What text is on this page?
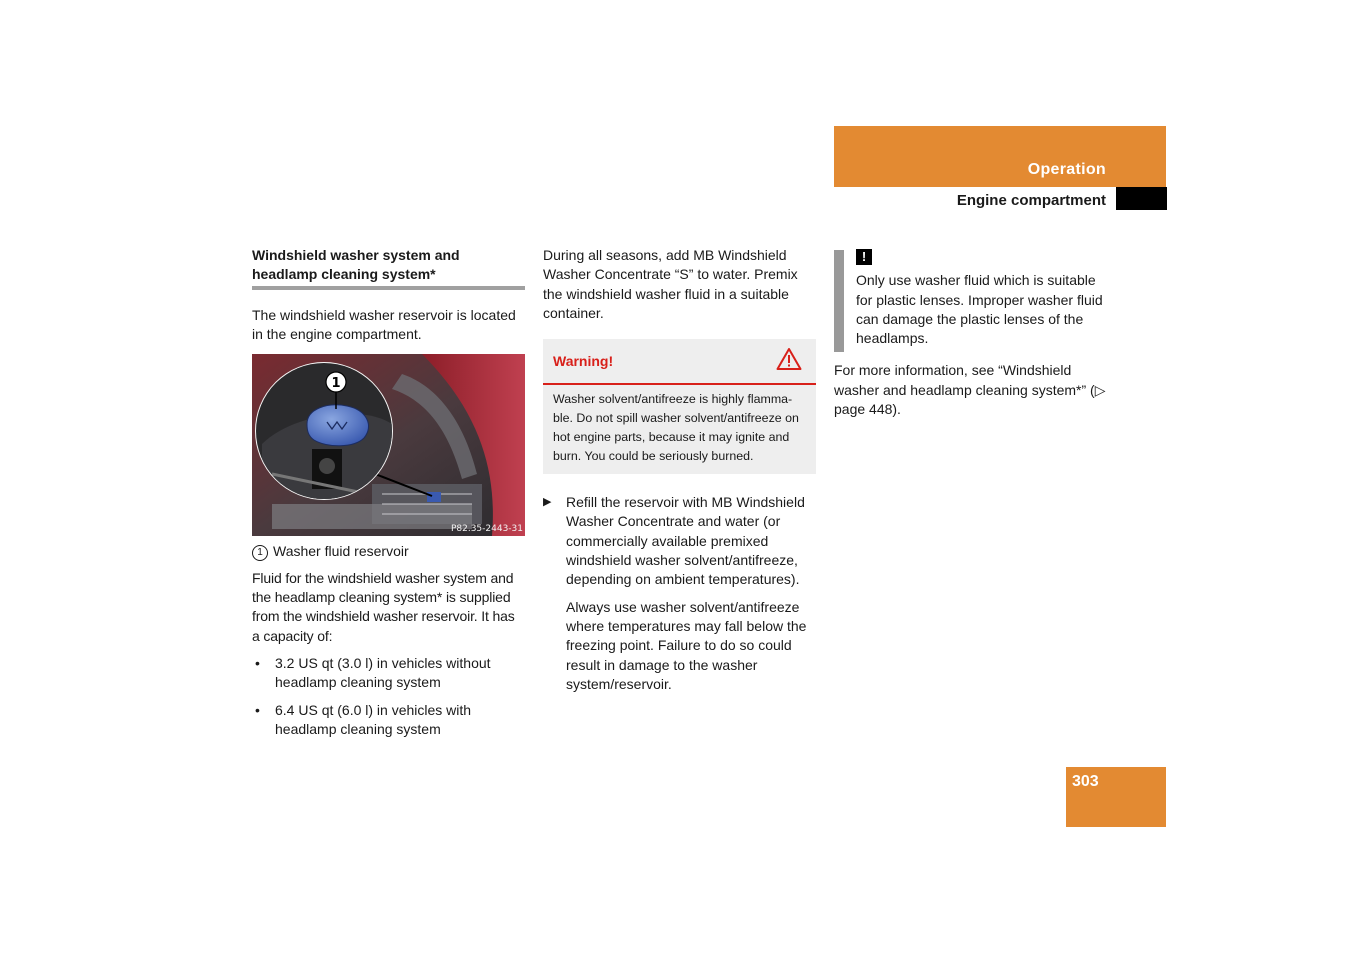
Operation
Engine compartment
Windshield washer system and headlamp cleaning system*

The windshield washer reservoir is located in the engine compartment.

1
P82.35-2443-31

1 Washer fluid reservoir

Fluid for the windshield washer system and the headlamp cleaning system* is supplied from the windshield washer reservoir. It has a capacity of:

• 3.2 US qt (3.0 l) in vehicles without headlamp cleaning system
• 6.4 US qt (6.0 l) in vehicles with headlamp cleaning system

During all seasons, add MB Windshield Washer Concentrate “S” to water. Premix the windshield washer fluid in a suitable container.

Warning!
Washer solvent/antifreeze is highly flamma-ble. Do not spill washer solvent/antifreeze on hot engine parts, because it may ignite and burn. You could be seriously burned.
▶ Refill the reservoir with MB Windshield Washer Concentrate and water (or commercially available premixed windshield washer solvent/antifreeze, depending on ambient temperatures).

Always use washer solvent/antifreeze where temperatures may fall below the freezing point. Failure to do so could result in damage to the washer system/reservoir.

!

Only use washer fluid which is suitable for plastic lenses. Improper washer fluid can damage the plastic lenses of the headlamps.

For more information, see “Windshield washer and headlamp cleaning system*” (▷ page 448).

303
